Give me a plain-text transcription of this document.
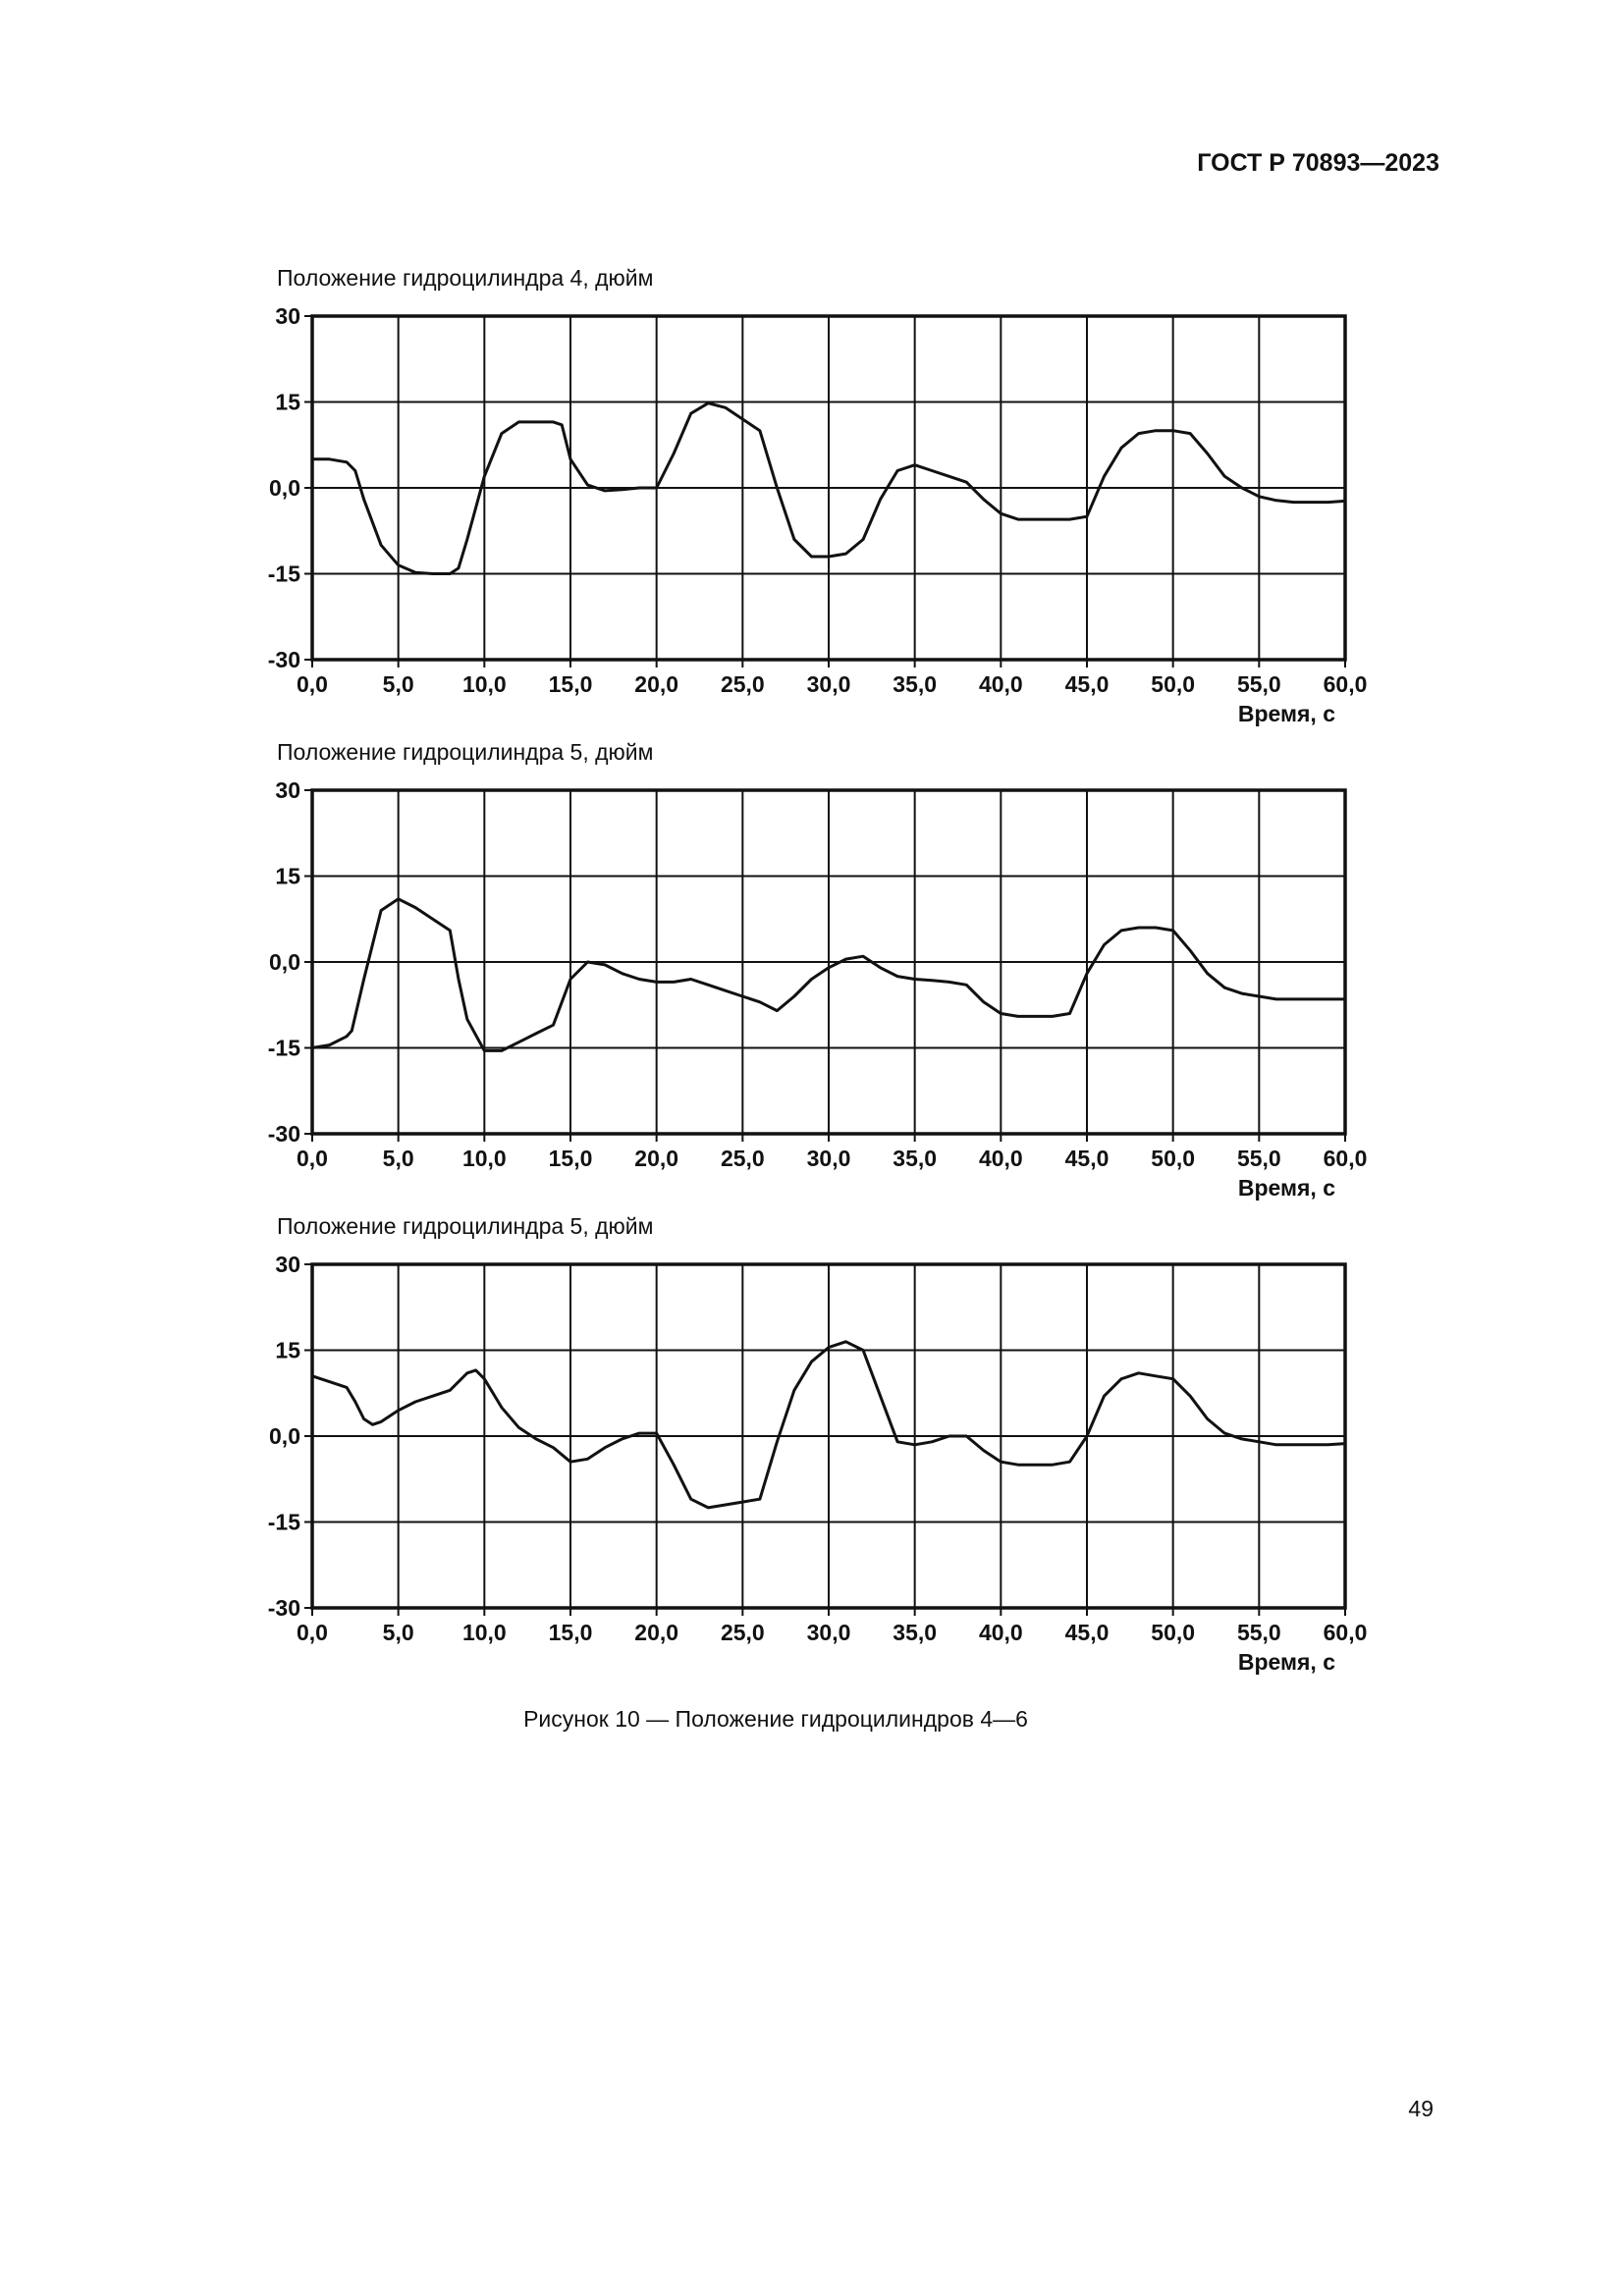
ГОСТ Р 70893—2023
Положение гидроцилиндра 4, дюйм
30
15
0,0
-15
-30
0,0 5,0 10,0 15,0 20,0 25,0 30,0 35,0 40,0 45,0 50,0 55,0 60,0
Время, с
Положение гидроцилиндра 5, дюйм
30
15
0,0
-15
-30
0,0 5,0 10,0 15,0 20,0 25,0 30,0 35,0 40,0 45,0 50,0 55,0 60,0
Время, с
Положение гидроцилиндра 5, дюйм
30
15
0,0
-15
-30
0,0 5,0 10,0 15,0 20,0 25,0 30,0 35,0 40,0 45,0 50,0 55,0 60,0
Время, с
Рисунок 10 — Положение гидроцилиндров 4—6
49
